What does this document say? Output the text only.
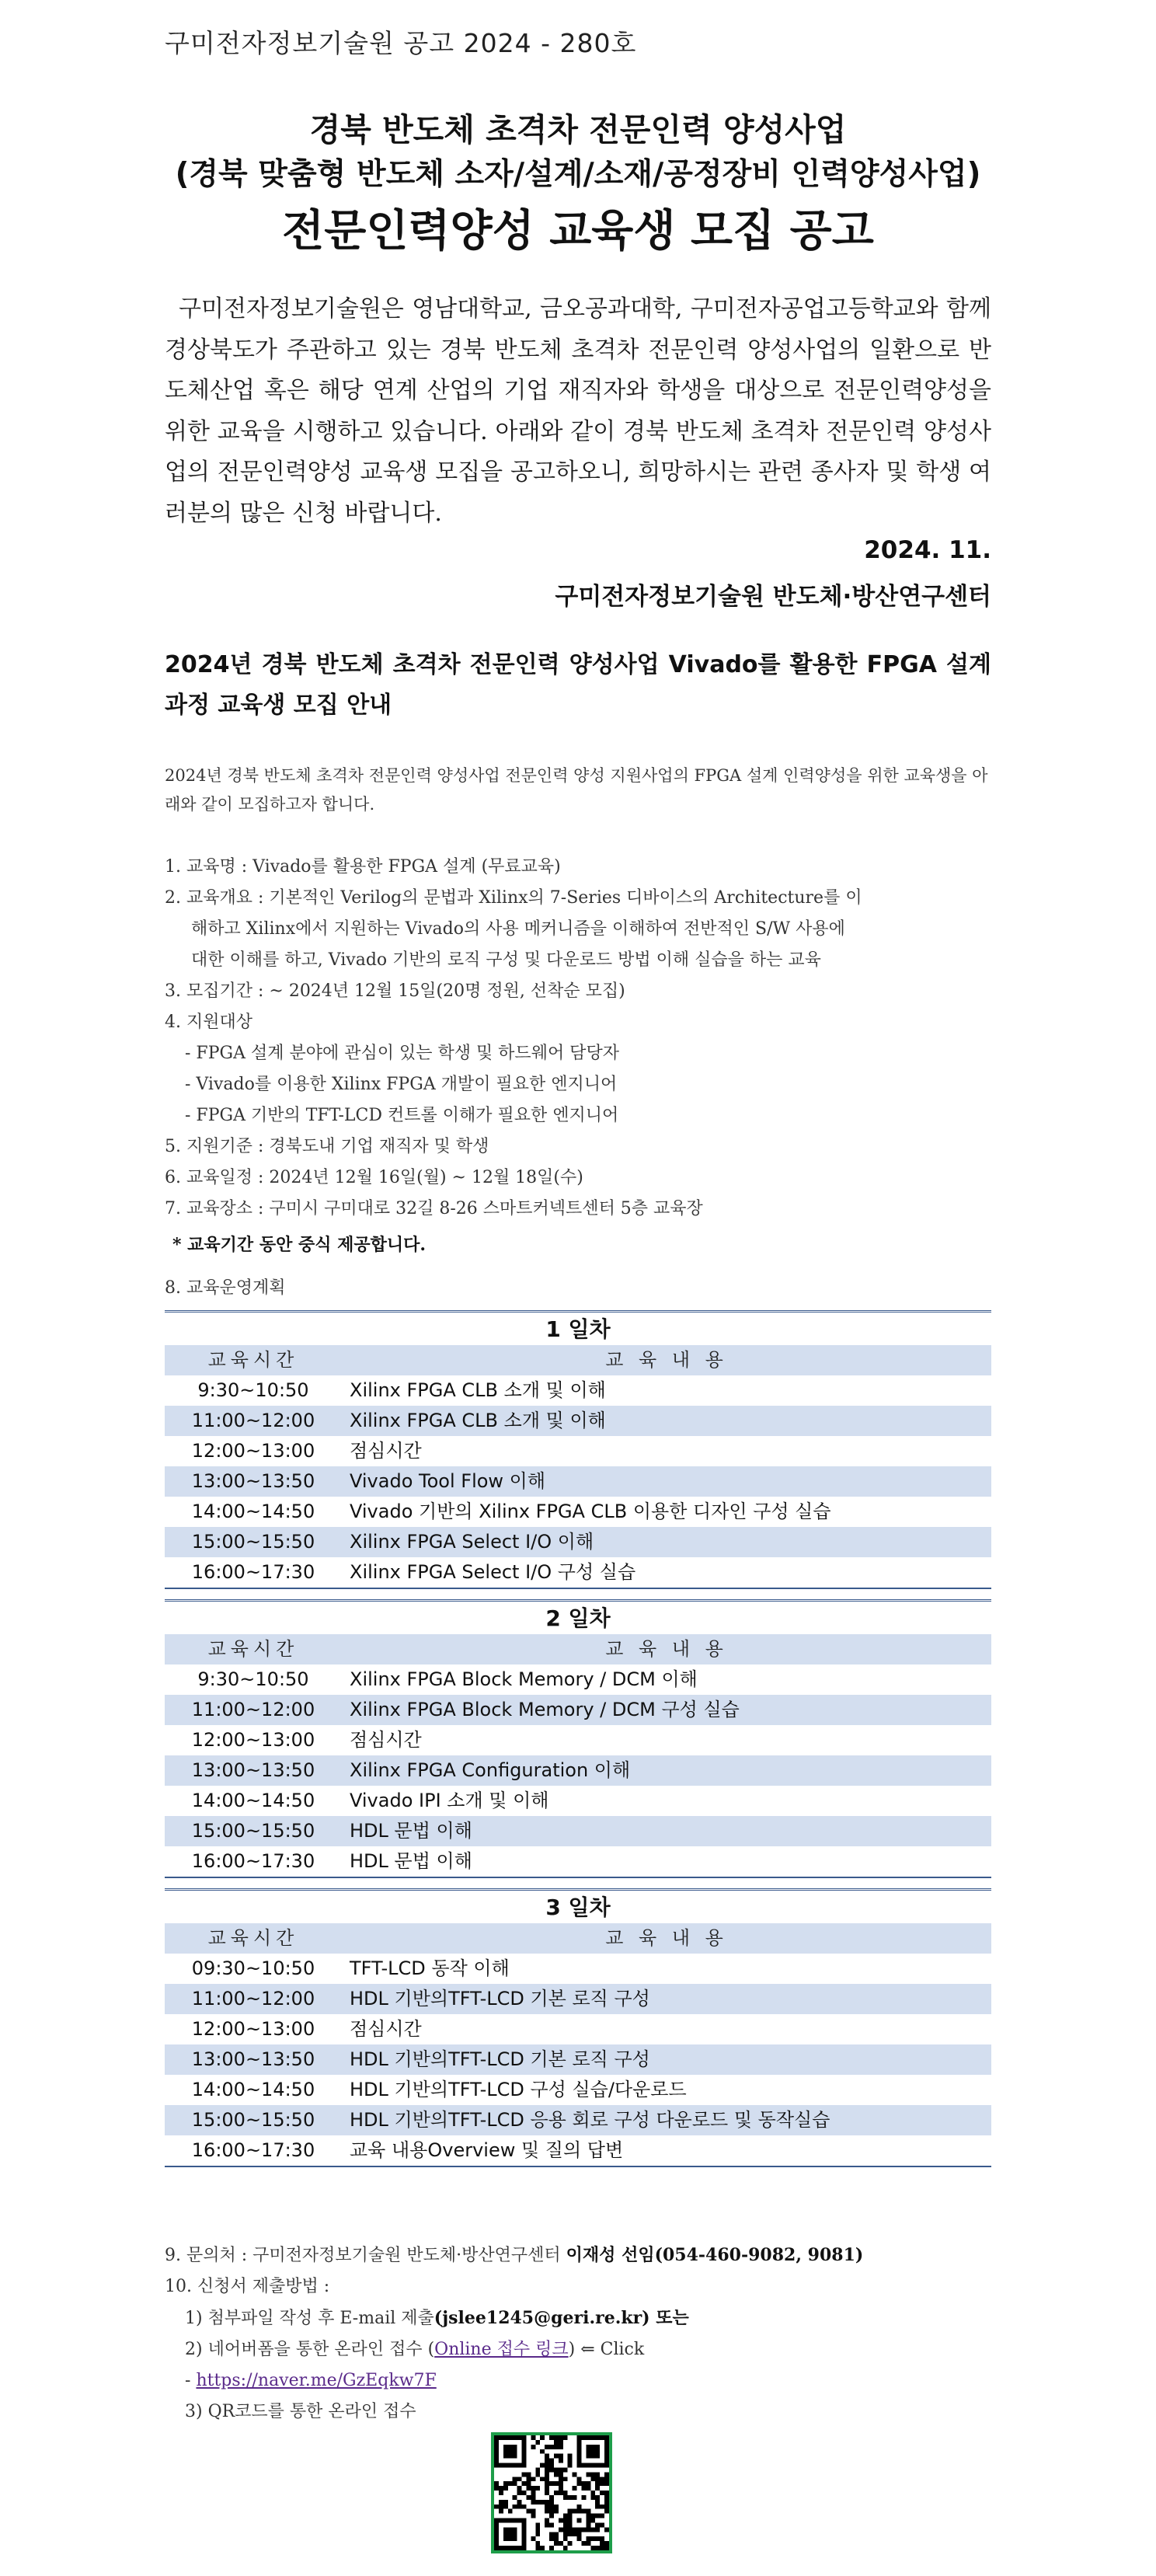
구미전자정보기술원 공고 2024 - 280호
경북 반도체 초격차 전문인력 양성사업
(경북 맞춤형 반도체 소자/설계/소재/공정장비 인력양성사업)
전문인력양성 교육생 모집 공고
구미전자정보기술원은 영남대학교, 금오공과대학, 구미전자공업고등학교와 함께 경상북도가 주관하고 있는 경북 반도체 초격차 전문인력 양성사업의 일환으로 반도체산업 혹은 해당 연계 산업의 기업 재직자와 학생을 대상으로 전문인력양성을 위한 교육을 시행하고 있습니다. 아래와 같이 경북 반도체 초격차 전문인력 양성사업의 전문인력양성 교육생 모집을 공고하오니, 희망하시는 관련 종사자 및 학생 여러분의 많은 신청 바랍니다.
2024. 11.
구미전자정보기술원 반도체·방산연구센터
2024년 경북 반도체 초격차 전문인력 양성사업 Vivado를 활용한 FPGA 설계과정 교육생 모집 안내
2024년 경북 반도체 초격차 전문인력 양성사업 전문인력 양성 지원사업의 FPGA 설계 인력양성을 위한 교육생을 아래와 같이 모집하고자 합니다.
1. 교육명 : Vivado를 활용한 FPGA 설계 (무료교육)
2. 교육개요 : 기본적인 Verilog의 문법과 Xilinx의 7-Series 디바이스의 Architecture를 이
해하고 Xilinx에서 지원하는 Vivado의 사용 메커니즘을 이해하여 전반적인 S/W 사용에
대한 이해를 하고, Vivado 기반의 로직 구성 및 다운로드 방법 이해 실습을 하는 교육
3. 모집기간 : ~ 2024년 12월 15일(20명 정원, 선착순 모집)
4. 지원대상
- FPGA 설계 분야에 관심이 있는 학생 및 하드웨어 담당자
- Vivado를 이용한 Xilinx FPGA 개발이 필요한 엔지니어
- FPGA 기반의 TFT-LCD 컨트롤 이해가 필요한 엔지니어
5. 지원기준 : 경북도내 기업 재직자 및 학생
6. 교육일정 : 2024년 12월 16일(월) ~ 12월 18일(수)
7. 교육장소 : 구미시 구미대로 32길 8-26 스마트커넥트센터 5층 교육장
* 교육기간 동안 중식 제공합니다.
8. 교육운영계획
1 일차
교육시간	교 육 내 용
9:30~10:50	Xilinx FPGA CLB 소개 및 이해
11:00~12:00	Xilinx FPGA CLB 소개 및 이해
12:00~13:00	점심시간
13:00~13:50	Vivado Tool Flow 이해
14:00~14:50	Vivado 기반의 Xilinx FPGA CLB 이용한 디자인 구성 실습
15:00~15:50	Xilinx FPGA Select I/O 이해
16:00~17:30	Xilinx FPGA Select I/O 구성 실습
2 일차
교육시간	교 육 내 용
9:30~10:50	Xilinx FPGA Block Memory / DCM 이해
11:00~12:00	Xilinx FPGA Block Memory / DCM 구성 실습
12:00~13:00	점심시간
13:00~13:50	Xilinx FPGA Configuration 이해
14:00~14:50	Vivado IPI 소개 및 이해
15:00~15:50	HDL 문법 이해
16:00~17:30	HDL 문법 이해
3 일차
교육시간	교 육 내 용
09:30~10:50	TFT-LCD 동작 이해
11:00~12:00	HDL 기반의TFT-LCD 기본 로직 구성
12:00~13:00	점심시간
13:00~13:50	HDL 기반의TFT-LCD 기본 로직 구성
14:00~14:50	HDL 기반의TFT-LCD 구성 실습/다운로드
15:00~15:50	HDL 기반의TFT-LCD 응용 회로 구성 다운로드 및 동작실습
16:00~17:30	교육 내용Overview 및 질의 답변
9. 문의처 : 구미전자정보기술원 반도체·방산연구센터 이재성 선임(054-460-9082, 9081)
10. 신청서 제출방법 :
1) 첨부파일 작성 후 E-mail 제출(jslee1245@geri.re.kr) 또는
2) 네어버폼을 통한 온라인 접수 (Online 접수 링크) ⇐ Click
- https://naver.me/GzEqkw7F
3) QR코드를 통한 온라인 접수
